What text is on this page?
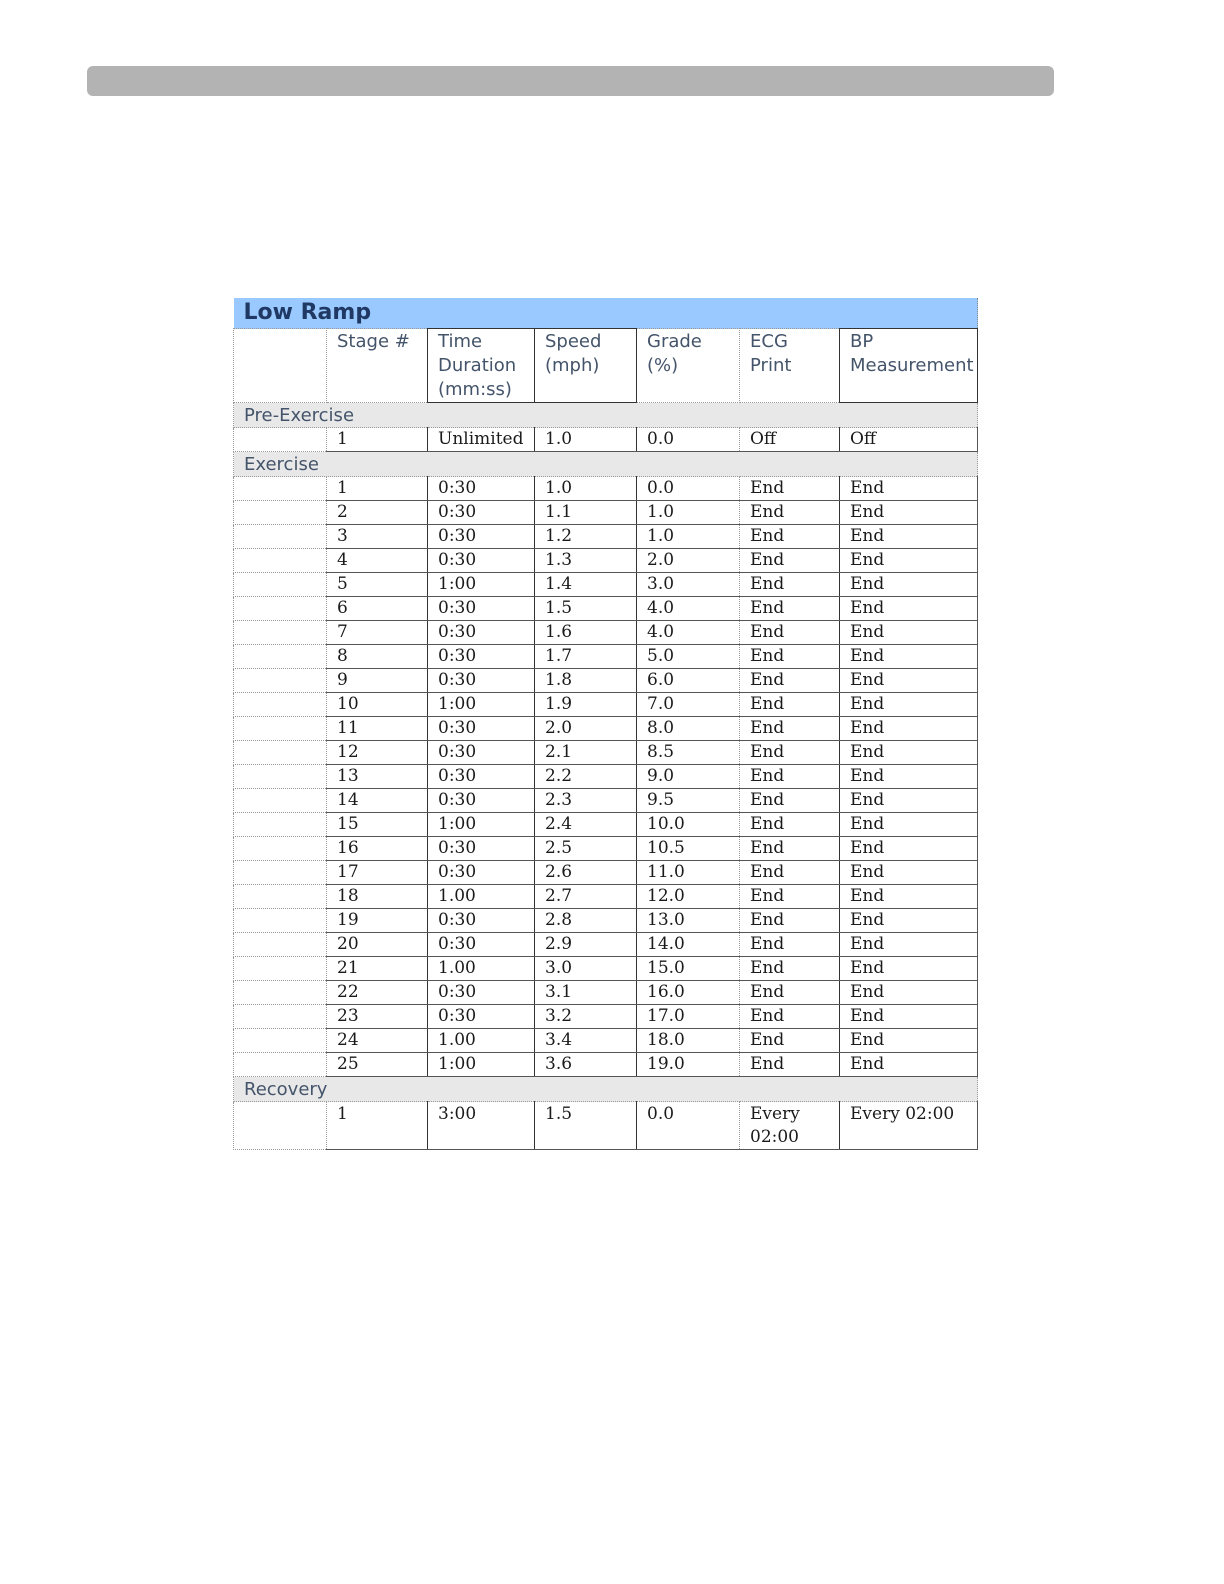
Low Ramp						
	Stage #	Time Duration (mm:ss)	Speed (mph)	Grade (%)	ECG Print	BP Measurement
Pre-Exercise						
	1	Unlimited	1.0	0.0	Off	Off
Exercise						
	1	0:30	1.0	0.0	End	End
	2	0:30	1.1	1.0	End	End
	3	0:30	1.2	1.0	End	End
	4	0:30	1.3	2.0	End	End
	5	1:00	1.4	3.0	End	End
	6	0:30	1.5	4.0	End	End
	7	0:30	1.6	4.0	End	End
	8	0:30	1.7	5.0	End	End
	9	0:30	1.8	6.0	End	End
	10	1:00	1.9	7.0	End	End
	11	0:30	2.0	8.0	End	End
	12	0:30	2.1	8.5	End	End
	13	0:30	2.2	9.0	End	End
	14	0:30	2.3	9.5	End	End
	15	1:00	2.4	10.0	End	End
	16	0:30	2.5	10.5	End	End
	17	0:30	2.6	11.0	End	End
	18	1.00	2.7	12.0	End	End
	19	0:30	2.8	13.0	End	End
	20	0:30	2.9	14.0	End	End
	21	1.00	3.0	15.0	End	End
	22	0:30	3.1	16.0	End	End
	23	0:30	3.2	17.0	End	End
	24	1.00	3.4	18.0	End	End
	25	1:00	3.6	19.0	End	End
Recovery						
	1	3:00	1.5	0.0	Every 02:00	Every 02:00
